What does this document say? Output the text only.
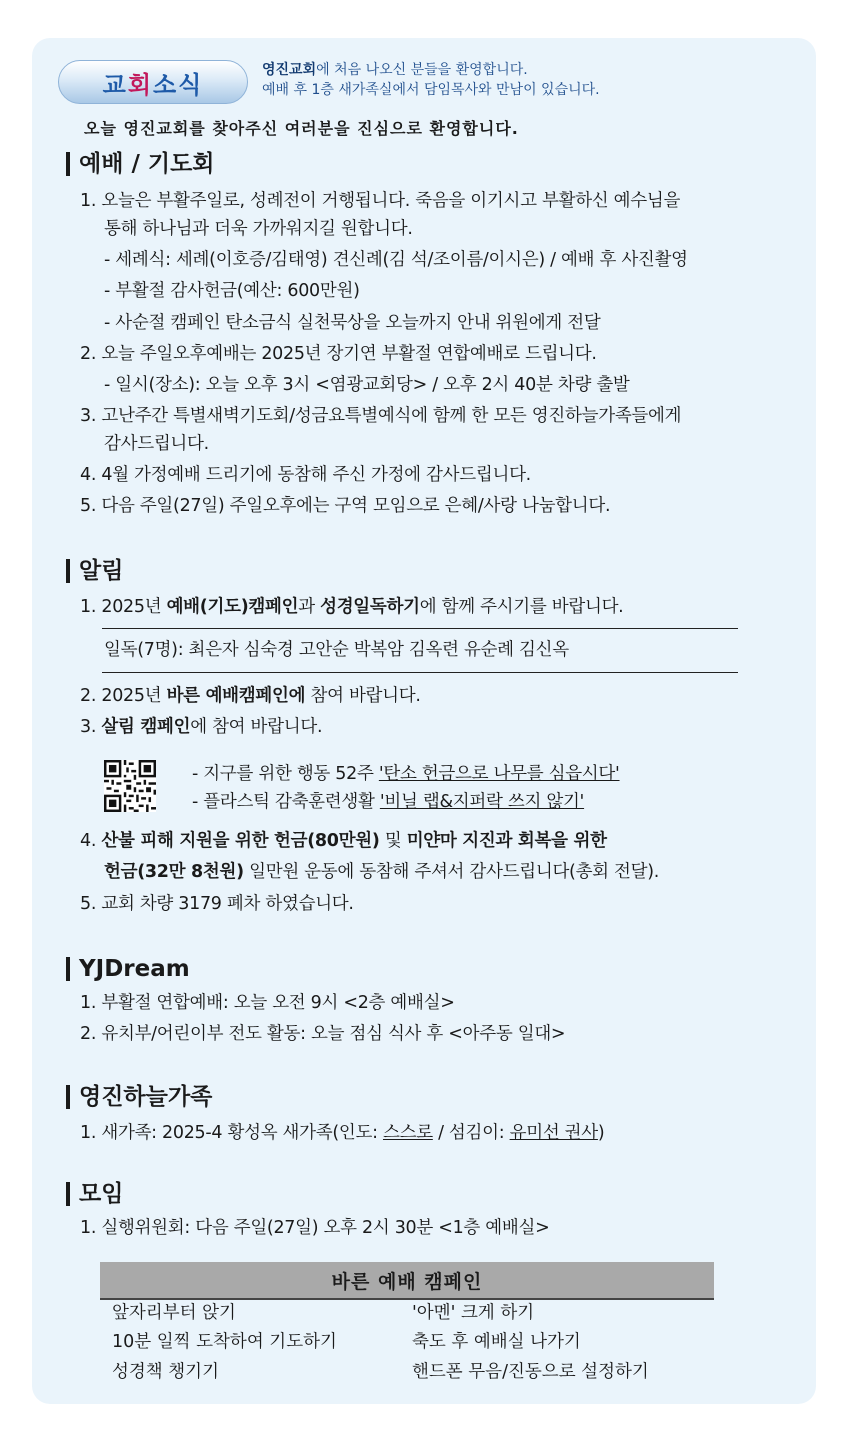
교 회 소식
영진교회에 처음 나오신 분들을 환영합니다.
예배 후 1층 새가족실에서 담임목사와 만남이 있습니다.
오늘 영진교회를 찾아주신 여러분을 진심으로 환영합니다.
예배 / 기도회
1. 오늘은 부활주일로, 성례전이 거행됩니다. 죽음을 이기시고 부활하신 예수님을
통해 하나님과 더욱 가까워지길 원합니다.
- 세례식: 세례(이호증/김태영) 견신례(김 석/조이름/이시은) / 예배 후 사진촬영
- 부활절 감사헌금(예산: 600만원)
- 사순절 캠페인 탄소금식 실천묵상을 오늘까지 안내 위원에게 전달
2. 오늘 주일오후예배는 2025년 장기연 부활절 연합예배로 드립니다.
- 일시(장소): 오늘 오후 3시 <염광교회당> / 오후 2시 40분 차량 출발
3. 고난주간 특별새벽기도회/성금요특별예식에 함께 한 모든 영진하늘가족들에게
감사드립니다.
4. 4월 가정예배 드리기에 동참해 주신 가정에 감사드립니다.
5. 다음 주일(27일) 주일오후에는 구역 모임으로 은혜/사랑 나눔합니다.
알림
1. 2025년 예배(기도)캠페인과 성경일독하기에 함께 주시기를 바랍니다.
일독(7명): 최은자 심숙경 고안순 박복암 김옥련 유순례 김신옥
2. 2025년 바른 예배캠페인에 참여 바랍니다.
3. 살림 캠페인에 참여 바랍니다.
- 지구를 위한 행동 52주 '탄소 헌금으로 나무를 심읍시다'
- 플라스틱 감축훈련생활 '비닐 랩&지퍼락 쓰지 않기'
4. 산불 피해 지원을 위한 헌금(80만원) 및 미얀마 지진과 회복을 위한
헌금(32만 8천원) 일만원 운동에 동참해 주셔서 감사드립니다(총회 전달).
5. 교회 차량 3179 폐차 하였습니다.
YJDream
1. 부활절 연합예배: 오늘 오전 9시 <2층 예배실>
2. 유치부/어린이부 전도 활동: 오늘 점심 식사 후 <아주동 일대>
영진하늘가족
1. 새가족: 2025-4 황성옥 새가족(인도: 스스로 / 섬김이: 유미선 권사)
모임
1. 실행위원회: 다음 주일(27일) 오후 2시 30분 <1층 예배실>
바른 예배 캠페인
앞자리부터 앉기
10분 일찍 도착하여 기도하기
성경책 챙기기
'아멘' 크게 하기
축도 후 예배실 나가기
핸드폰 무음/진동으로 설정하기
